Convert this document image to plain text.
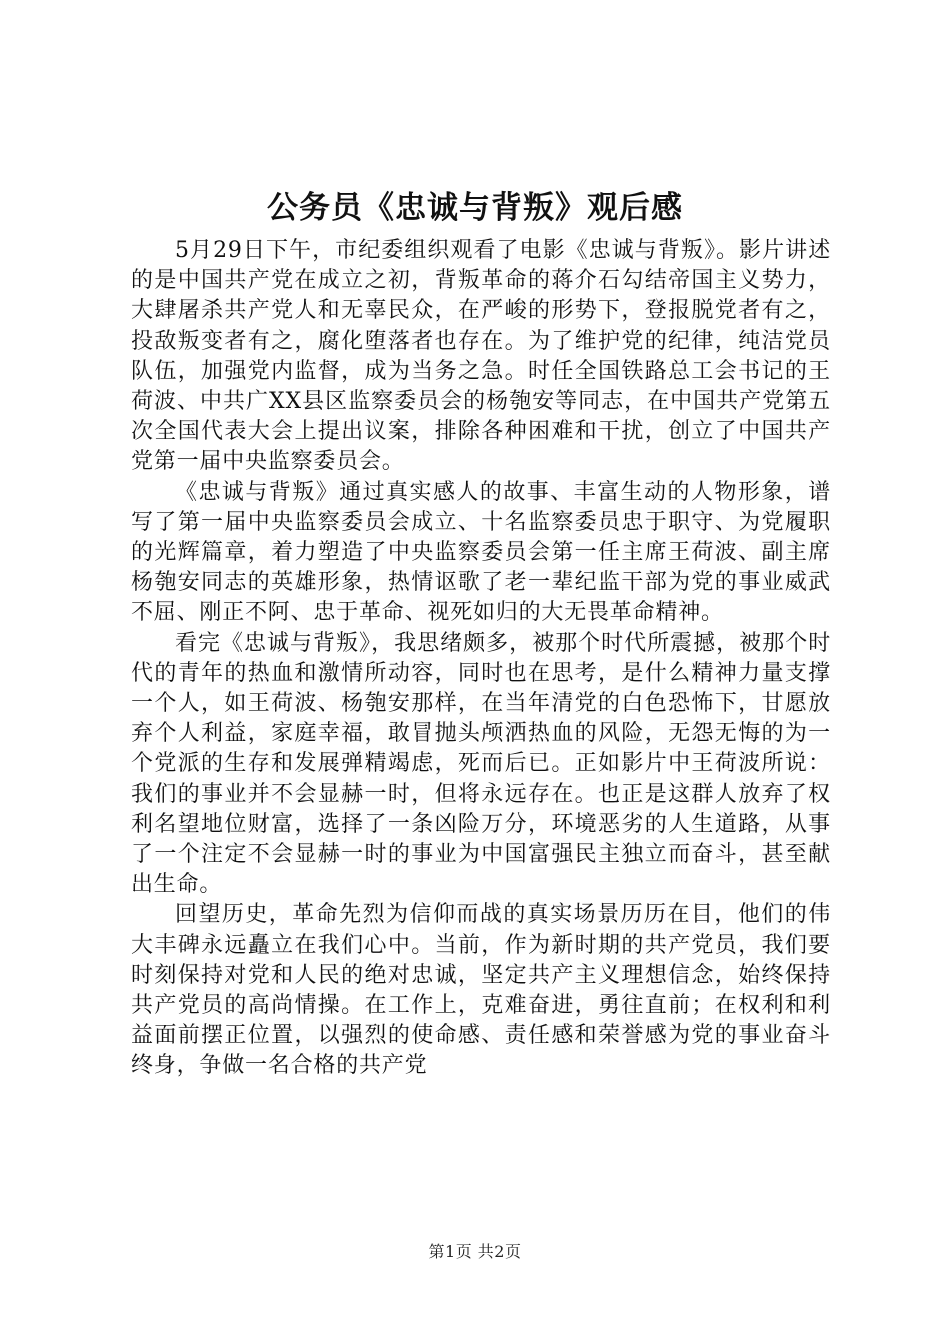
公务员《忠诚与背叛》观后感

5月29日下午，市纪委组织观看了电影《忠诚与背叛》。影片讲述的是中国共产党在成立之初，背叛革命的蒋介石勾结帝国主义势力，大肆屠杀共产党人和无辜民众，在严峻的形势下，登报脱党者有之，投敌叛变者有之，腐化堕落者也存在。为了维护党的纪律，纯洁党员队伍，加强党内监督，成为当务之急。时任全国铁路总工会书记的王荷波、中共广XX县区监察委员会的杨匏安等同志，在中国共产党第五次全国代表大会上提出议案，排除各种困难和干扰，创立了中国共产党第一届中央监察委员会。

《忠诚与背叛》通过真实感人的故事、丰富生动的人物形象，谱写了第一届中央监察委员会成立、十名监察委员忠于职守、为党履职的光辉篇章，着力塑造了中央监察委员会第一任主席王荷波、副主席杨匏安同志的英雄形象，热情讴歌了老一辈纪监干部为党的事业威武不屈、刚正不阿、忠于革命、视死如归的大无畏革命精神。

看完《忠诚与背叛》，我思绪颇多，被那个时代所震撼，被那个时代的青年的热血和激情所动容，同时也在思考，是什么精神力量支撑一个人，如王荷波、杨匏安那样，在当年清党的白色恐怖下，甘愿放弃个人利益，家庭幸福，敢冒抛头颅洒热血的风险，无怨无悔的为一个党派的生存和发展弹精竭虑，死而后已。正如影片中王荷波所说：我们的事业并不会显赫一时，但将永远存在。也正是这群人放弃了权利名望地位财富，选择了一条凶险万分，环境恶劣的人生道路，从事了一个注定不会显赫一时的事业为中国富强民主独立而奋斗，甚至献出生命。

回望历史，革命先烈为信仰而战的真实场景历历在目，他们的伟大丰碑永远矗立在我们心中。当前，作为新时期的共产党员，我们要时刻保持对党和人民的绝对忠诚，坚定共产主义理想信念，始终保持共产党员的高尚情操。在工作上，克难奋进，勇往直前；在权利和利益面前摆正位置，以强烈的使命感、责任感和荣誉感为党的事业奋斗终身，争做一名合格的共产党

第1页 共2页
